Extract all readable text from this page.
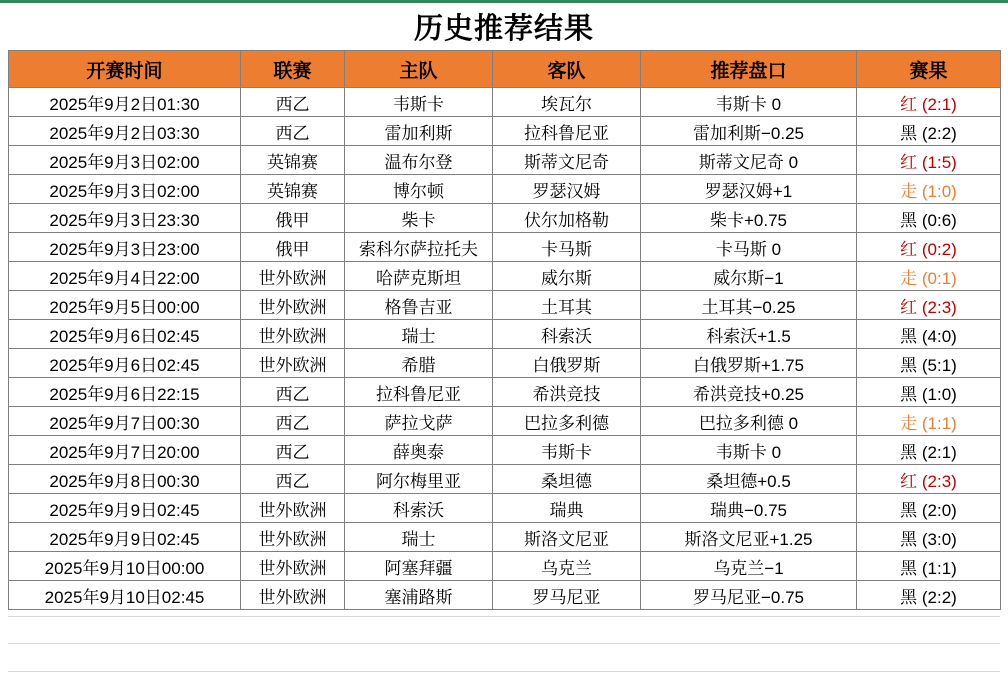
历史推荐结果
开赛时间	联赛	主队	客队	推荐盘口	赛果
2025年9月2日01:30	西乙	韦斯卡	埃瓦尔	韦斯卡 0	红 (2:1)
2025年9月2日03:30	西乙	雷加利斯	拉科鲁尼亚	雷加利斯−0.25	黑 (2:2)
2025年9月3日02:00	英锦赛	温布尔登	斯蒂文尼奇	斯蒂文尼奇 0	红 (1:5)
2025年9月3日02:00	英锦赛	博尔顿	罗瑟汉姆	罗瑟汉姆+1	走 (1:0)
2025年9月3日23:30	俄甲	柴卡	伏尔加格勒	柴卡+0.75	黑 (0:6)
2025年9月3日23:00	俄甲	索科尔萨拉托夫	卡马斯	卡马斯 0	红 (0:2)
2025年9月4日22:00	世外欧洲	哈萨克斯坦	威尔斯	威尔斯−1	走 (0:1)
2025年9月5日00:00	世外欧洲	格鲁吉亚	土耳其	土耳其−0.25	红 (2:3)
2025年9月6日02:45	世外欧洲	瑞士	科索沃	科索沃+1.5	黑 (4:0)
2025年9月6日02:45	世外欧洲	希腊	白俄罗斯	白俄罗斯+1.75	黑 (5:1)
2025年9月6日22:15	西乙	拉科鲁尼亚	希洪竞技	希洪竞技+0.25	黑 (1:0)
2025年9月7日00:30	西乙	萨拉戈萨	巴拉多利德	巴拉多利德 0	走 (1:1)
2025年9月7日20:00	西乙	薛奥泰	韦斯卡	韦斯卡 0	黑 (2:1)
2025年9月8日00:30	西乙	阿尔梅里亚	桑坦德	桑坦德+0.5	红 (2:3)
2025年9月9日02:45	世外欧洲	科索沃	瑞典	瑞典−0.75	黑 (2:0)
2025年9月9日02:45	世外欧洲	瑞士	斯洛文尼亚	斯洛文尼亚+1.25	黑 (3:0)
2025年9月10日00:00	世外欧洲	阿塞拜疆	乌克兰	乌克兰−1	黑 (1:1)
2025年9月10日02:45	世外欧洲	塞浦路斯	罗马尼亚	罗马尼亚−0.75	黑 (2:2)
